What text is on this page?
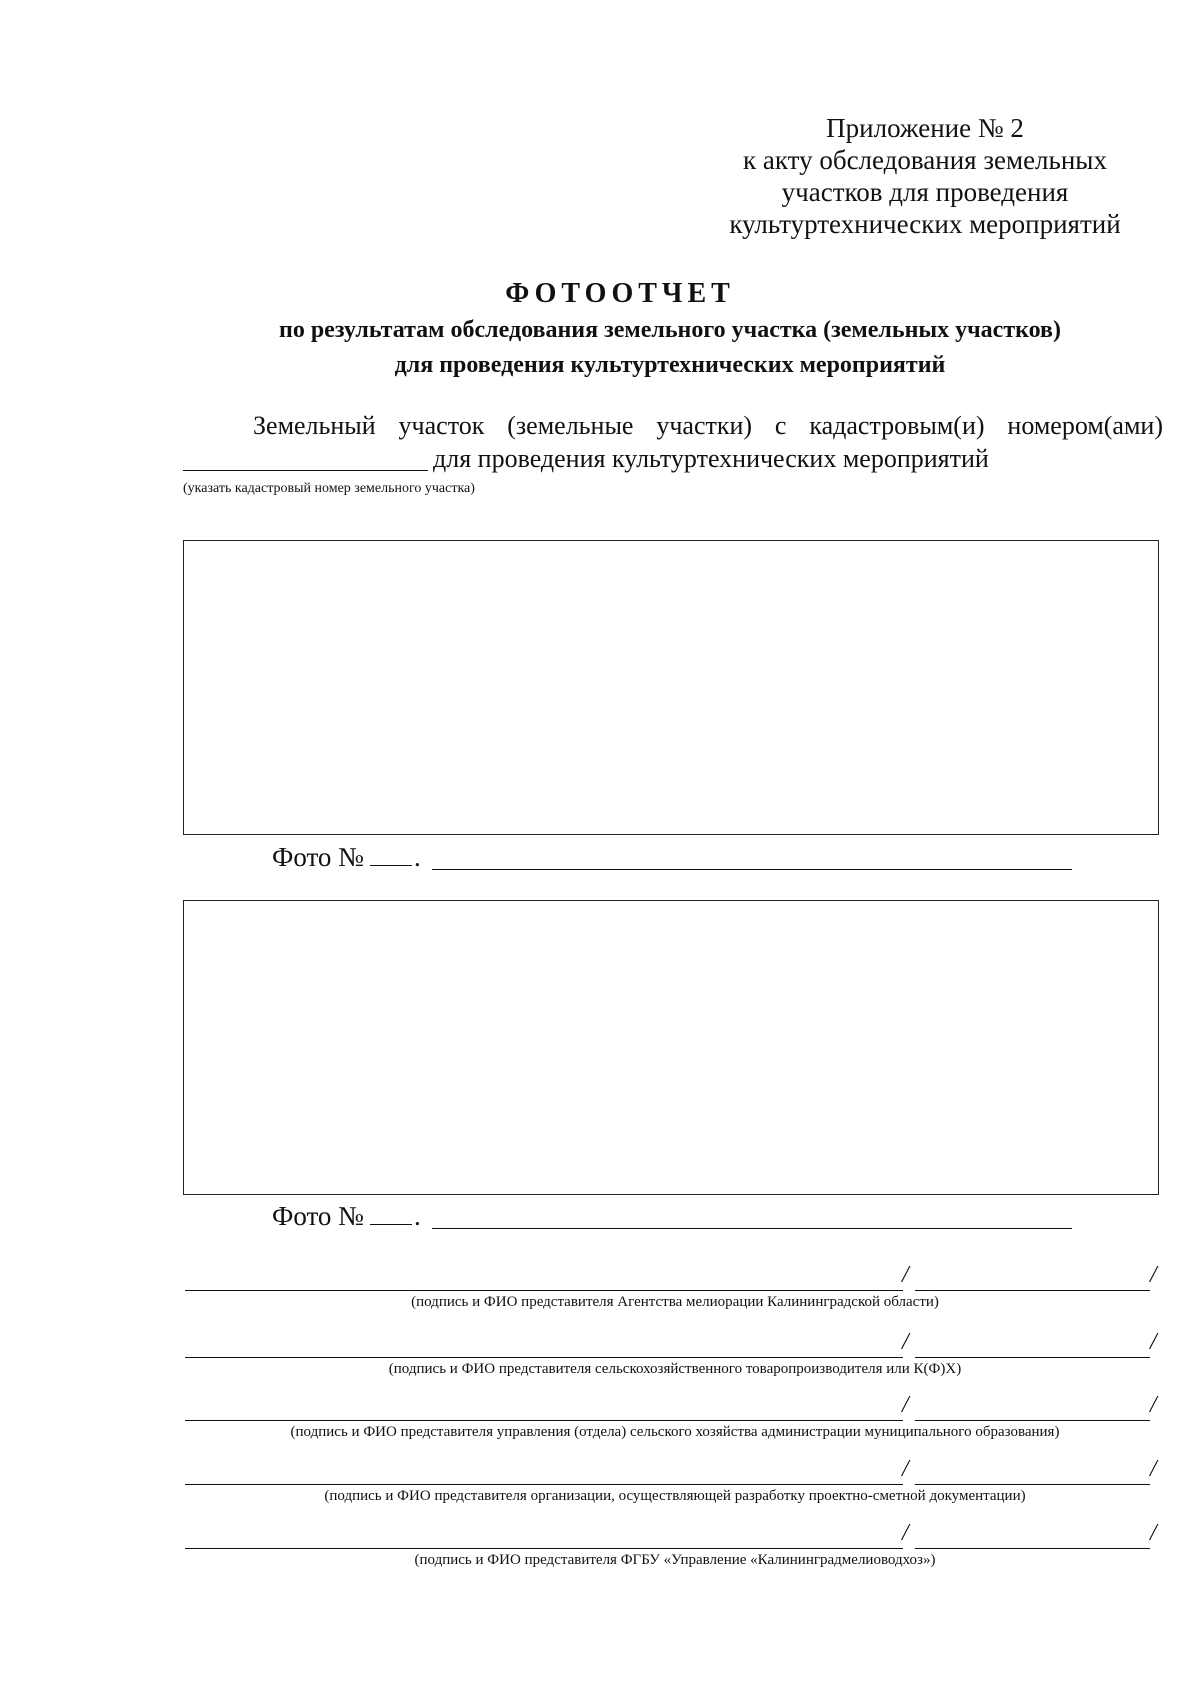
Приложение № 2
к акту обследования земельных
участков для проведения
культуртехнических мероприятий
ФОТООТЧЕТ
по результатам обследования земельного участка (земельных участков)
для проведения культуртехнических мероприятий
Земельный участок (земельные участки) с кадастровым(и) номером(ами)
для проведения культуртехнических мероприятий
(указать кадастровый номер земельного участка)
Фото № .
Фото № .
/	/
(подпись и ФИО представителя Агентства мелиорации Калининградской области)
/	/
(подпись и ФИО представителя сельскохозяйственного товаропроизводителя или К(Ф)Х)
/	/
(подпись и ФИО представителя управления (отдела) сельского хозяйства администрации муниципального образования)
/	/
(подпись и ФИО представителя организации, осуществляющей разработку проектно-сметной документации)
/	/
(подпись и ФИО представителя ФГБУ «Управление «Калининградмелиоводхоз»)
